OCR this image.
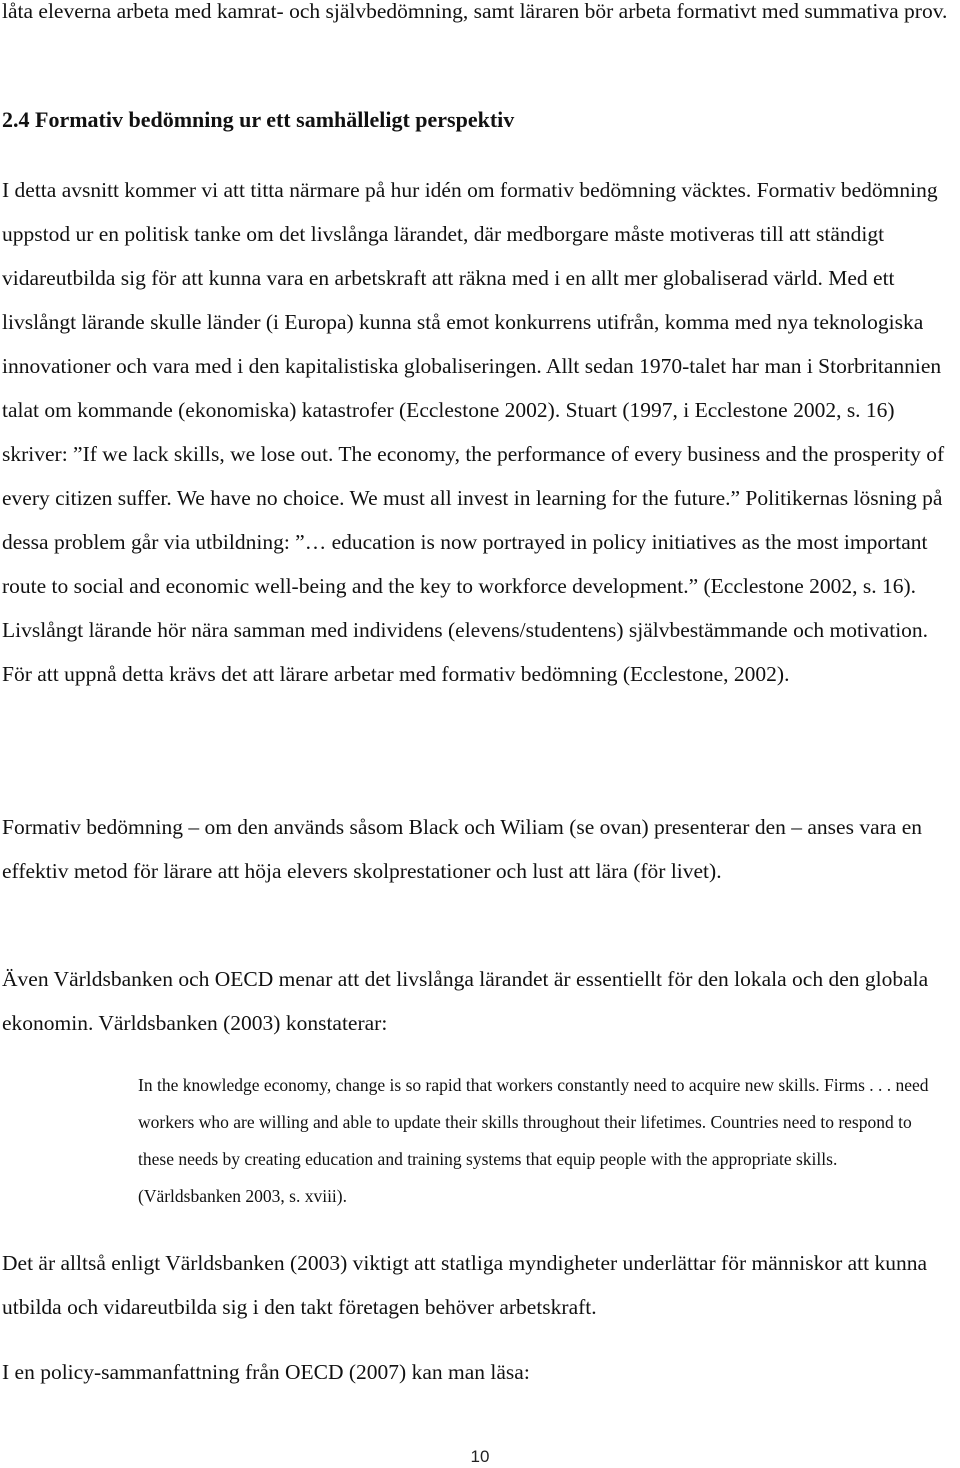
låta eleverna arbeta med kamrat- och självbedömning, samt läraren bör arbeta formativt med summativa prov.

2.4 Formativ bedömning ur ett samhälleligt perspektiv

I detta avsnitt kommer vi att titta närmare på hur idén om formativ bedömning väcktes. Formativ bedömning uppstod ur en politisk tanke om det livslånga lärandet, där medborgare måste motiveras till att ständigt vidareutbilda sig för att kunna vara en arbetskraft att räkna med i en allt mer globaliserad värld. Med ett livslångt lärande skulle länder (i Europa) kunna stå emot konkurrens utifrån, komma med nya teknologiska innovationer och vara med i den kapitalistiska globaliseringen. Allt sedan 1970-talet har man i Storbritannien talat om kommande (ekonomiska) katastrofer (Ecclestone 2002). Stuart (1997, i Ecclestone 2002, s. 16) skriver: ”If we lack skills, we lose out. The economy, the performance of every business and the prosperity of every citizen suffer. We have no choice. We must all invest in learning for the future.” Politikernas lösning på dessa problem går via utbildning: ”… education is now portrayed in policy initiatives as the most important route to social and economic well-being and the key to workforce development.” (Ecclestone 2002, s. 16). Livslångt lärande hör nära samman med individens (elevens/studentens) självbestämmande och motivation. För att uppnå detta krävs det att lärare arbetar med formativ bedömning (Ecclestone, 2002).

Formativ bedömning – om den används såsom Black och Wiliam (se ovan) presenterar den – anses vara en effektiv metod för lärare att höja elevers skolprestationer och lust att lära (för livet).

Även Världsbanken och OECD menar att det livslånga lärandet är essentiellt för den lokala och den globala ekonomin. Världsbanken (2003) konstaterar:

In the knowledge economy, change is so rapid that workers constantly need to acquire new skills. Firms . . . need workers who are willing and able to update their skills throughout their lifetimes. Countries need to respond to these needs by creating education and training systems that equip people with the appropriate skills. (Världsbanken 2003, s. xviii).

Det är alltså enligt Världsbanken (2003) viktigt att statliga myndigheter underlättar för människor att kunna utbilda och vidareutbilda sig i den takt företagen behöver arbetskraft.

I en policy-sammanfattning från OECD (2007) kan man läsa:

10
